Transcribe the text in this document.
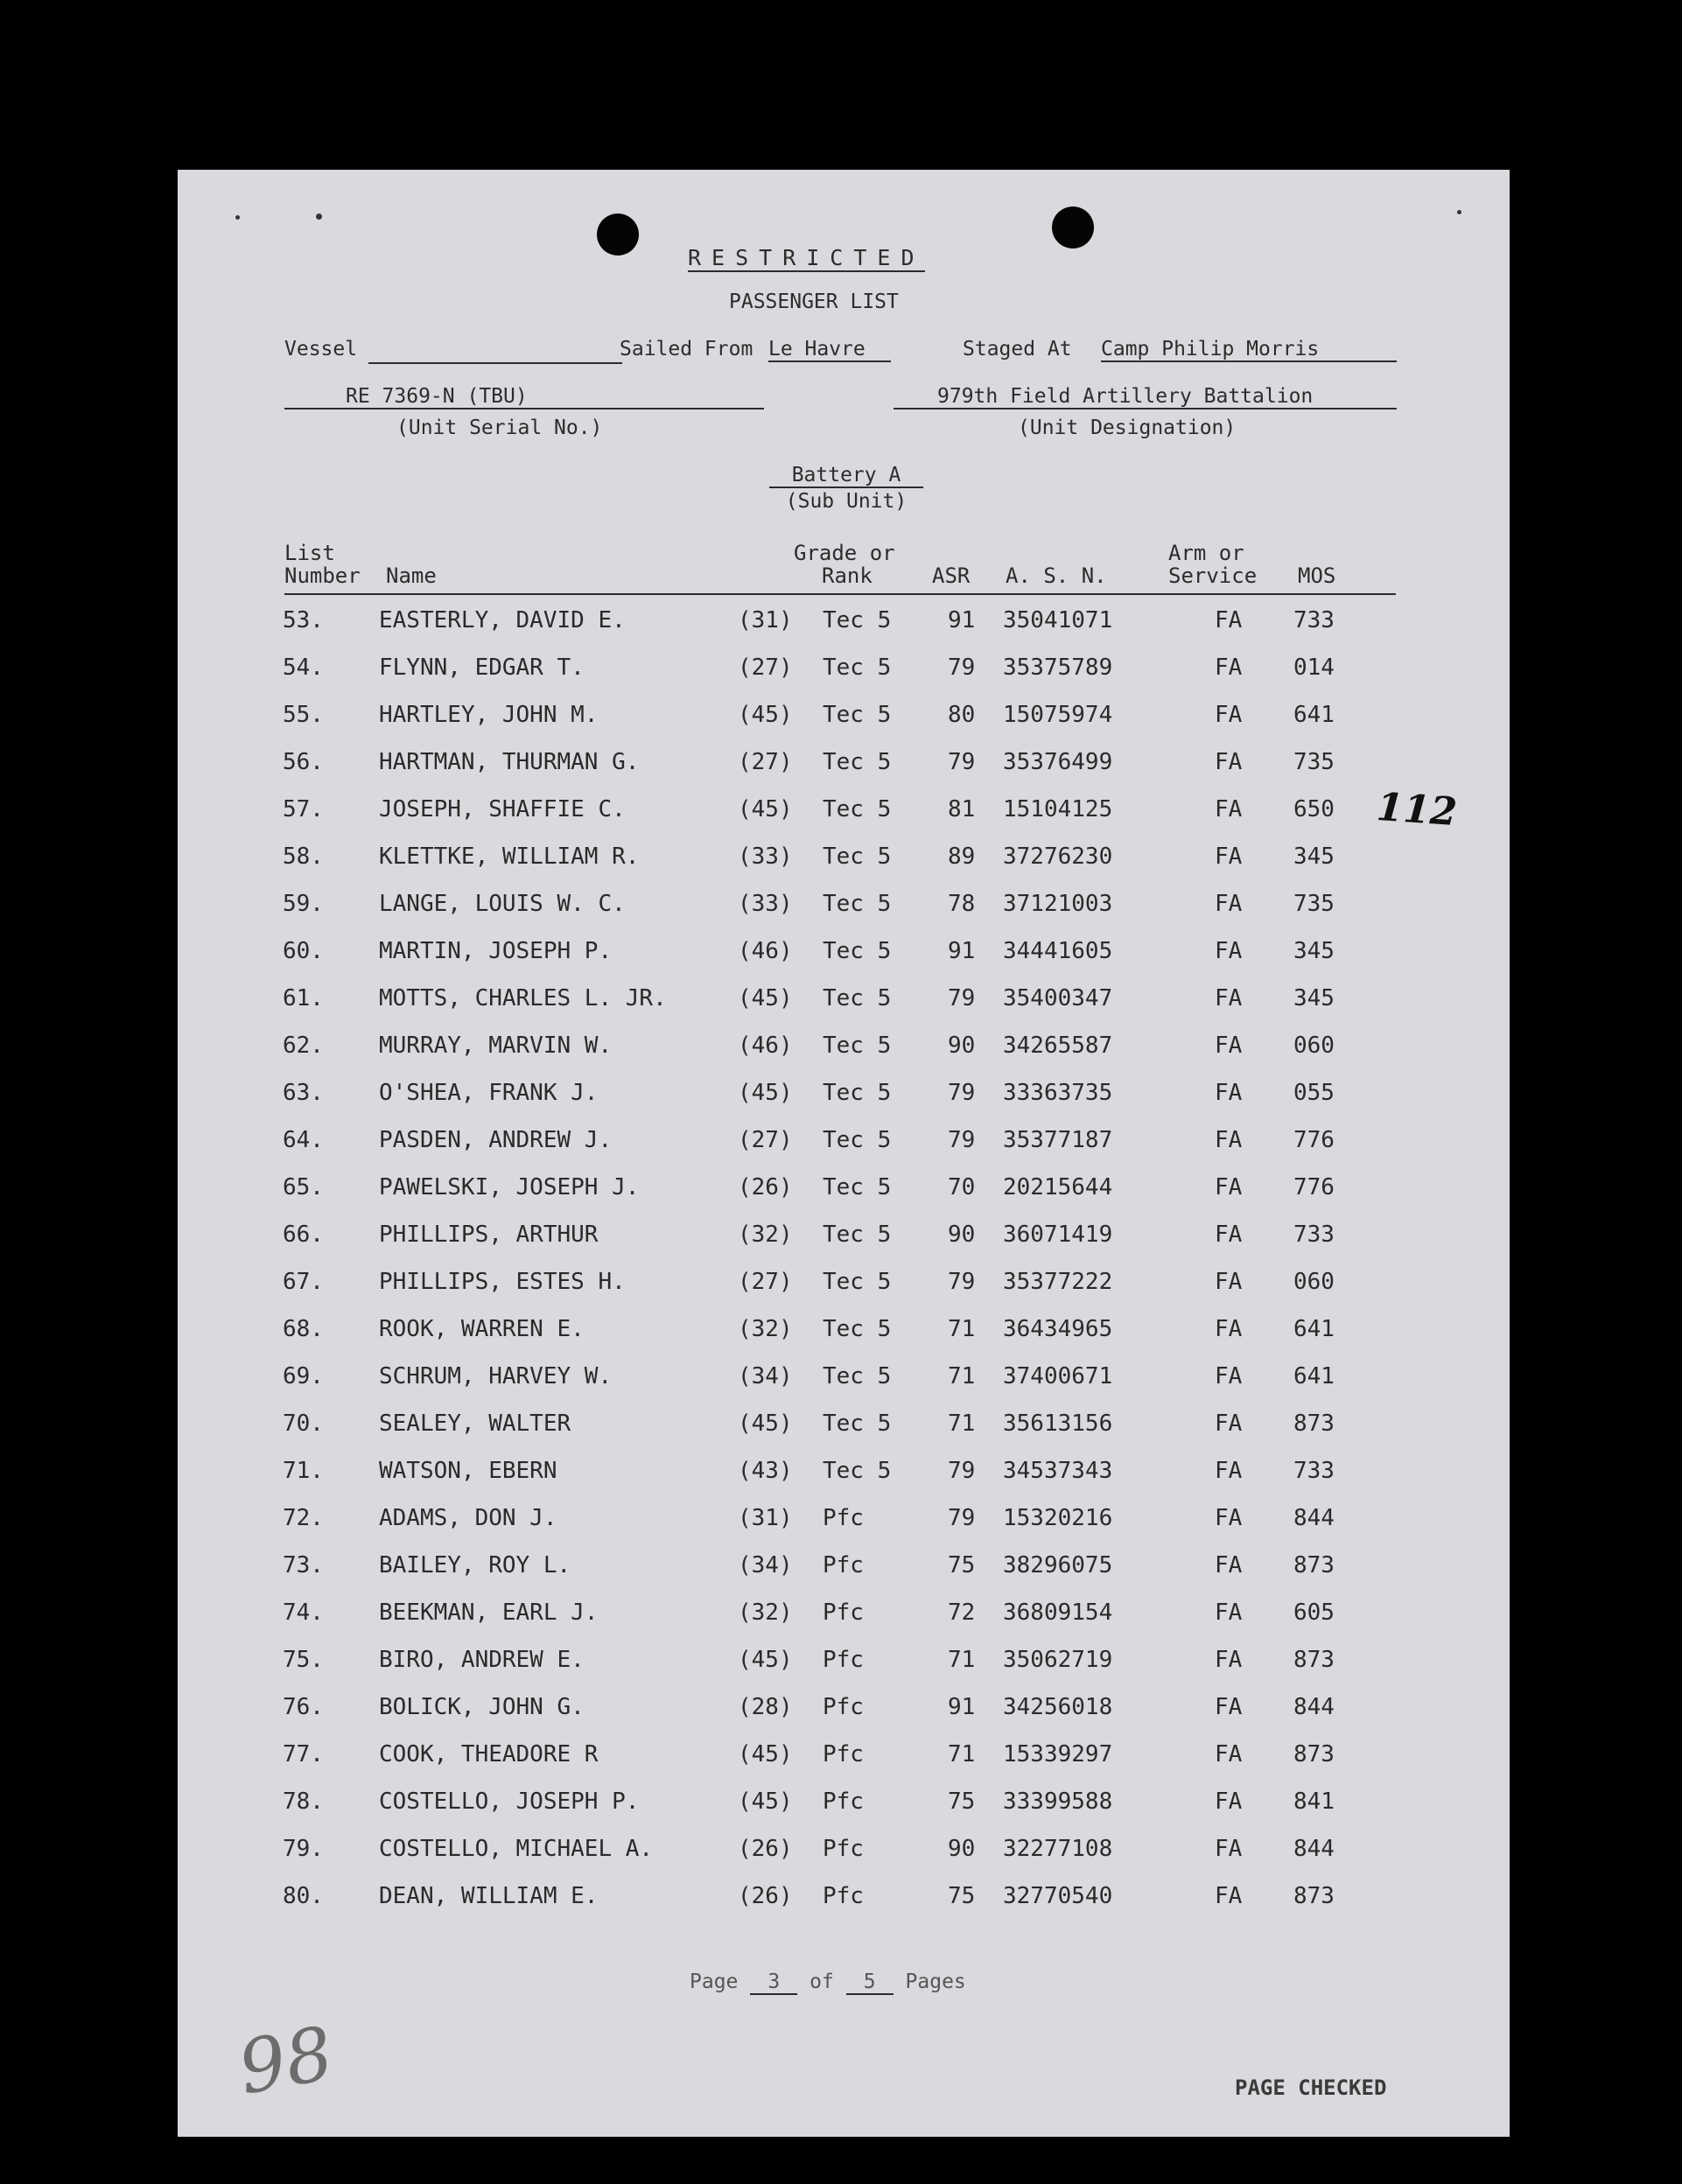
RESTRICTED
PASSENGER LIST
Vessel	Sailed From Le Havre	Staged At Camp Philip Morris
RE 7369-N (TBU)
(Unit Serial No.)
979th Field Artillery Battalion
(Unit Designation)
Battery A
(Sub Unit)
List
Number Name
Grade or
Rank	ASR A. S. N.
Arm or
Service MOS
53. EASTERLY, DAVID E.	(31) Tec 5 91 35041071	FA 733
54. FLYNN, EDGAR T.	(27) Tec 5 79 35375789	FA 014
55. HARTLEY, JOHN M.	(45) Tec 5 80 15075974	FA 641
56. HARTMAN, THURMAN G.	(27) Tec 5 79 35376499	FA 735
57. JOSEPH, SHAFFIE C.	(45) Tec 5 81 15104125	FA 650
58. KLETTKE, WILLIAM R.	(33) Tec 5 89 37276230	FA 345
59. LANGE, LOUIS W. C.	(33) Tec 5 78 37121003	FA 735
60. MARTIN, JOSEPH P.	(46) Tec 5 91 34441605	FA 345
61. MOTTS, CHARLES L. JR.	(45) Tec 5 79 35400347	FA 345
62. MURRAY, MARVIN W.	(46) Tec 5 90 34265587	FA 060
63. O'SHEA, FRANK J.	(45) Tec 5 79 33363735	FA 055
64. PASDEN, ANDREW J.	(27) Tec 5 79 35377187	FA 776
65. PAWELSKI, JOSEPH J.	(26) Tec 5 70 20215644	FA 776
66. PHILLIPS, ARTHUR	(32) Tec 5 90 36071419	FA 733
67. PHILLIPS, ESTES H.	(27) Tec 5 79 35377222	FA 060
68. ROOK, WARREN E.	(32) Tec 5 71 36434965	FA 641
69. SCHRUM, HARVEY W.	(34) Tec 5 71 37400671	FA 641
70. SEALEY, WALTER	(45) Tec 5 71 35613156	FA 873
71. WATSON, EBERN	(43) Tec 5 79 34537343	FA 733
72. ADAMS, DON J.	(31) Pfc	79 15320216	FA 844
73. BAILEY, ROY L.	(34) Pfc	75 38296075	FA 873
74. BEEKMAN, EARL J.	(32) Pfc	72 36809154	FA 605
75. BIRO, ANDREW E.	(45) Pfc	71 35062719	FA 873
76. BOLICK, JOHN G.	(28) Pfc	91 34256018	FA 844
77. COOK, THEADORE R	(45) Pfc	71 15339297	FA 873
78. COSTELLO, JOSEPH P.	(45) Pfc	75 33399588	FA 841
79. COSTELLO, MICHAEL A.	(26) Pfc	90 32277108	FA 844
80. DEAN, WILLIAM E.	(26) Pfc	75 32770540	FA 873
112
Page 3 of 5 Pages
98	PAGE CHECKED
